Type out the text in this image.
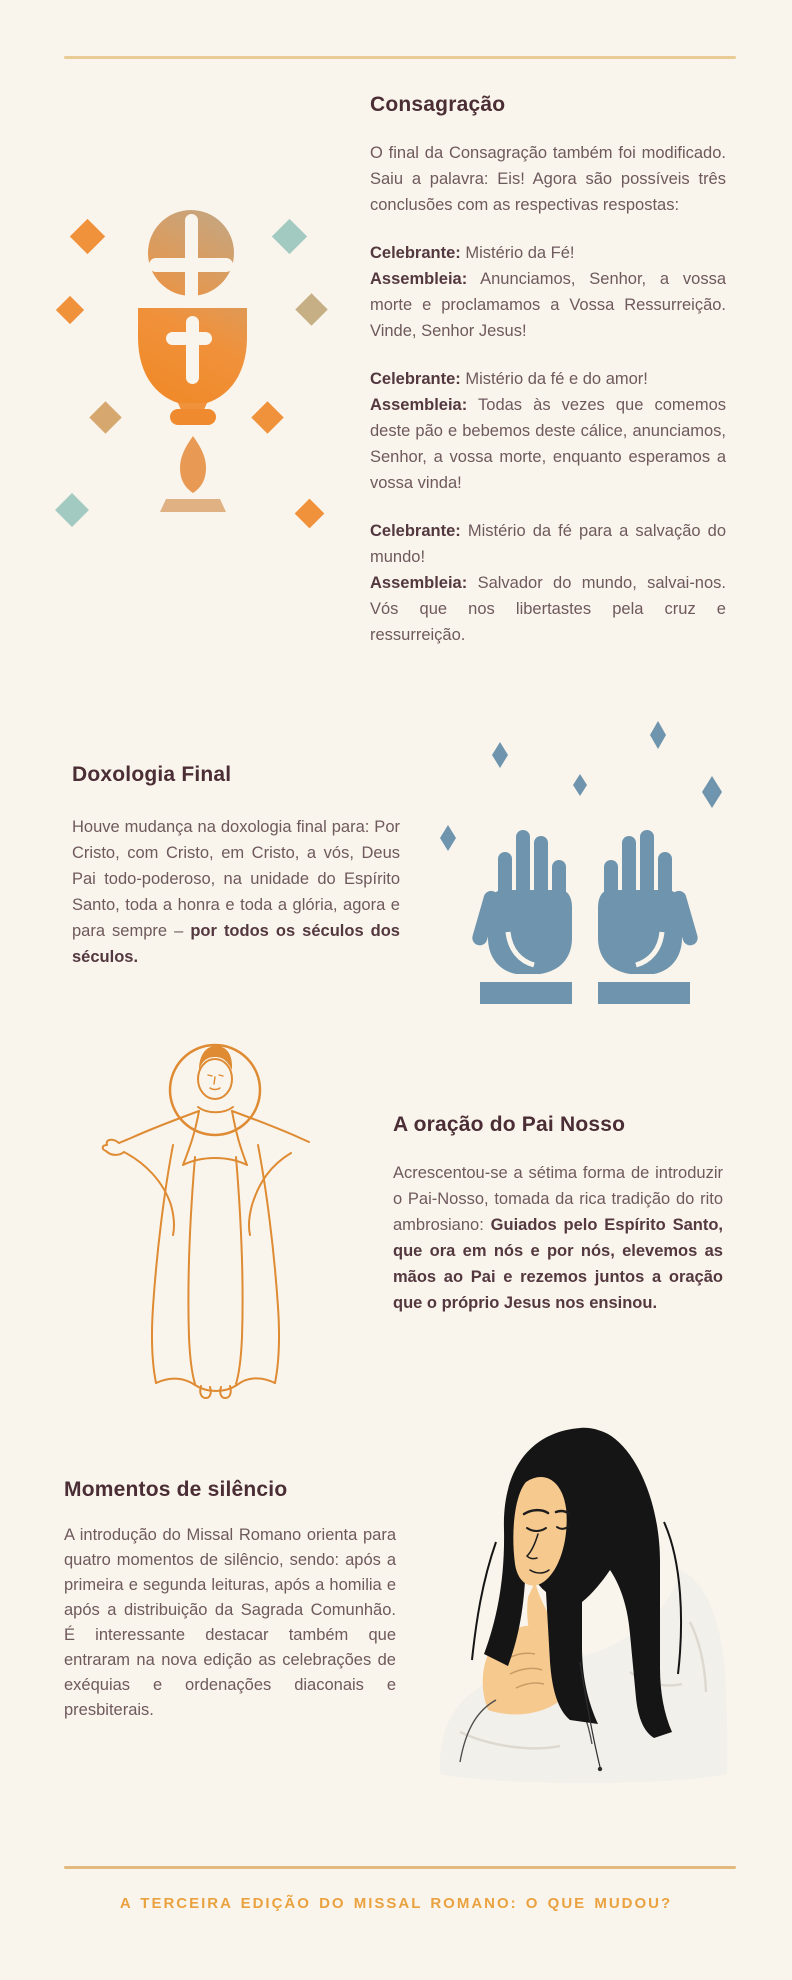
Consagração

O final da Consagração também foi modificado. Saiu a palavra: Eis! Agora são possíveis três conclusões com as respectivas respostas:

Celebrante: Mistério da Fé!
Assembleia: Anunciamos, Senhor, a vossa morte e proclamamos a Vossa Ressurreição. Vinde, Senhor Jesus!

Celebrante: Mistério da fé e do amor!
Assembleia: Todas às vezes que comemos deste pão e bebemos deste cálice, anunciamos, Senhor, a vossa morte, enquanto esperamos a vossa vinda!

Celebrante: Mistério da fé para a salvação do mundo!
Assembleia: Salvador do mundo, salvai-nos. Vós que nos libertastes pela cruz e ressurreição.

Doxologia Final

Houve mudança na doxologia final para: Por Cristo, com Cristo, em Cristo, a vós, Deus Pai todo-poderoso, na unidade do Espírito Santo, toda a honra e toda a glória, agora e para sempre – por todos os séculos dos séculos.

A oração do Pai Nosso

Acrescentou-se a sétima forma de introduzir o Pai-Nosso, tomada da rica tradição do rito ambrosiano: Guiados pelo Espírito Santo, que ora em nós e por nós, elevemos as mãos ao Pai e rezemos juntos a oração que o próprio Jesus nos ensinou.

Momentos de silêncio

A introdução do Missal Romano orienta para quatro momentos de silêncio, sendo: após a primeira e segunda leituras, após a homilia e após a distribuição da Sagrada Comunhão. É interessante destacar também que entraram na nova edição as celebrações de exéquias e ordenações diaconais e presbiterais.

A TERCEIRA EDIÇÃO DO MISSAL ROMANO: O QUE MUDOU?
